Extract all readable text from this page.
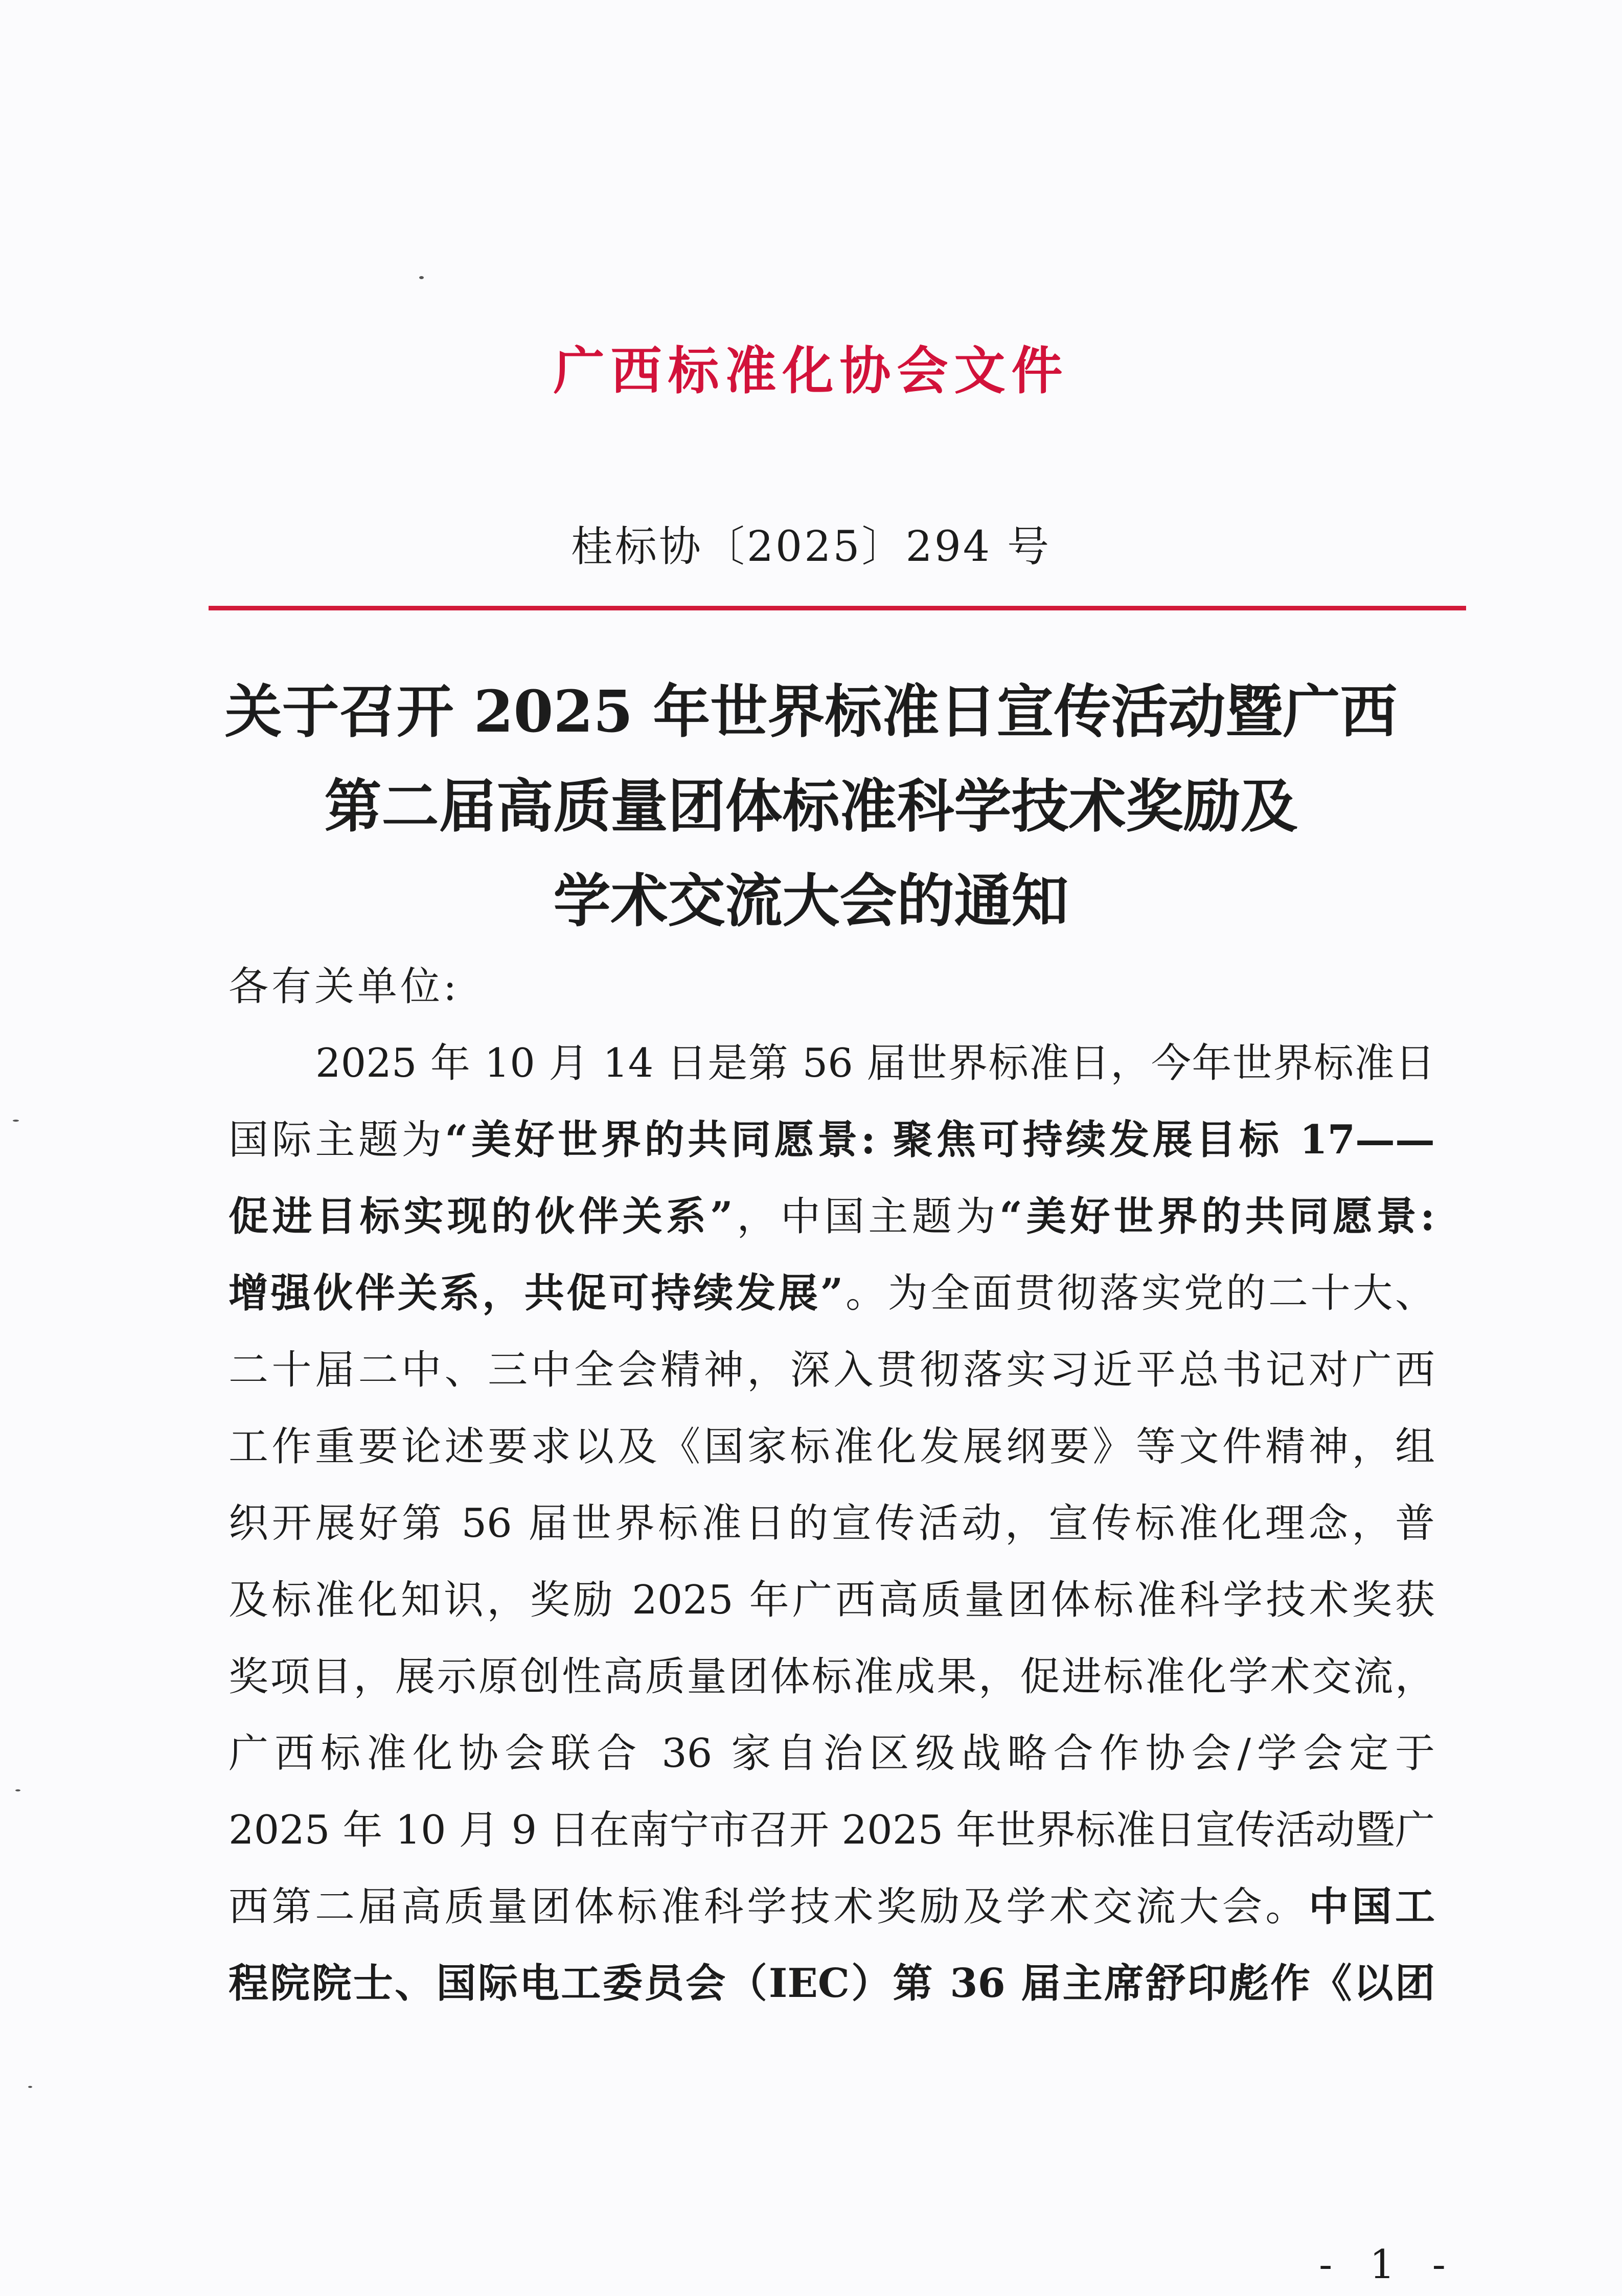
广西标准化协会文件
桂标协〔2025〕294 号
关于召开 2025 年世界标准日宣传活动暨广西
第二届高质量团体标准科学技术奖励及
学术交流大会的通知
各有关单位:
2025 年 10 月 14 日是第 56 届世界标准日，今年世界标准日
国际主题为“美好世界的共同愿景: 聚焦可持续发展目标 17——
促进目标实现的伙伴关系”，中国主题为“美好世界的共同愿景:
增强伙伴关系，共促可持续发展”。为全面贯彻落实党的二十大、
二十届二中、三中全会精神，深入贯彻落实习近平总书记对广西
工作重要论述要求以及《国家标准化发展纲要》等文件精神，组
织开展好第 56 届世界标准日的宣传活动，宣传标准化理念，普
及标准化知识，奖励 2025 年广西高质量团体标准科学技术奖获
奖项目，展示原创性高质量团体标准成果，促进标准化学术交流，
广西标准化协会联合 36 家自治区级战略合作协会/学会定于
2025 年 10 月 9 日在南宁市召开 2025 年世界标准日宣传活动暨广
西第二届高质量团体标准科学技术奖励及学术交流大会。中国工
程院院士、国际电工委员会（IEC）第 36 届主席舒印彪作《以团
- 1 -
